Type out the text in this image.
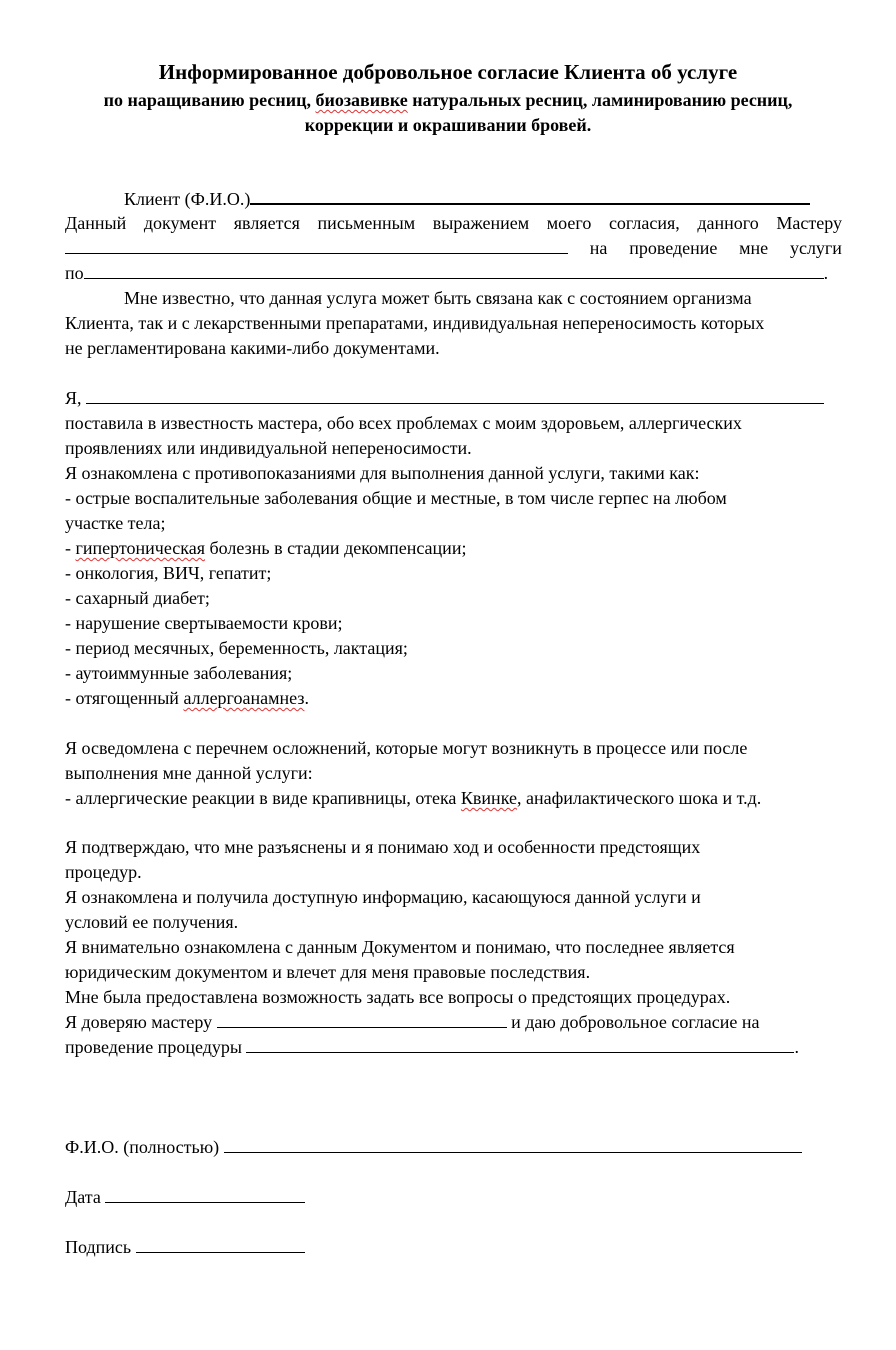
Информированное добровольное согласие Клиента об услуге
по наращиванию ресниц, биозавивке натуральных ресниц, ламинированию ресниц,
коррекции и окрашивании бровей.
Клиент (Ф.И.О.)
Данный документ является письменным выражением моего согласия, данного Мастеру
на проведение мне услуги
по	.
Мне известно, что данная услуга может быть связана как с состоянием организма
Клиента, так и с лекарственными препаратами, индивидуальная непереносимость которых
не регламентирована какими-либо документами.
Я,
поставила в известность мастера, обо всех проблемах с моим здоровьем, аллергических
проявлениях или индивидуальной непереносимости.
Я ознакомлена с противопоказаниями для выполнения данной услуги, такими как:
- острые воспалительные заболевания общие и местные, в том числе герпес на любом
участке тела;
- гипертоническая болезнь в стадии декомпенсации;
- онкология, ВИЧ, гепатит;
- сахарный диабет;
- нарушение свертываемости крови;
- период месячных, беременность, лактация;
- аутоиммунные заболевания;
- отягощенный аллергоанамнез.
Я осведомлена с перечнем осложнений, которые могут возникнуть в процессе или после
выполнения мне данной услуги:
- аллергические реакции в виде крапивницы, отека Квинке, анафилактического шока и т.д.
Я подтверждаю, что мне разъяснены и я понимаю ход и особенности предстоящих
процедур.
Я ознакомлена и получила доступную информацию, касающуюся данной услуги и
условий ее получения.
Я внимательно ознакомлена с данным Документом и понимаю, что последнее является
юридическим документом и влечет для меня правовые последствия.
Мне была предоставлена возможность задать все вопросы о предстоящих процедурах.
Я доверяю мастеру	и даю добровольное согласие на
проведение процедуры	.
Ф.И.О. (полностью)
Дата
Подпись
